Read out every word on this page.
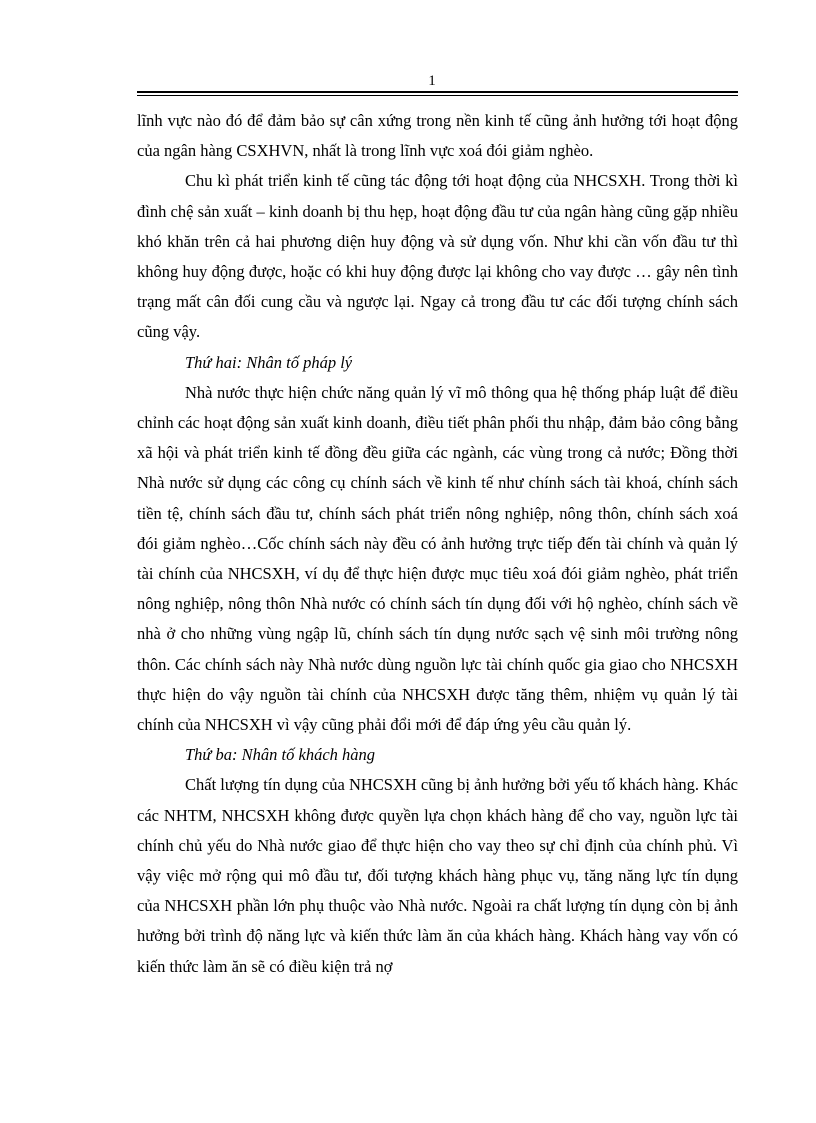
1

lĩnh vực nào đó để đảm bảo sự cân xứng trong nền kinh tế cũng ảnh hưởng tới hoạt động của ngân hàng CSXHVN, nhất là trong lĩnh vực xoá đói giảm nghèo.

Chu kì phát triển kinh tế cũng tác động tới hoạt động của NHCSXH. Trong thời kì đình chệ sản xuất – kinh doanh bị thu hẹp, hoạt động đầu tư của ngân hàng cũng gặp nhiều khó khăn trên cả hai phương diện huy động và sử dụng vốn. Như khi cần vốn đầu tư thì không huy động được, hoặc có khi huy động được lại không cho vay được … gây nên tình trạng mất cân đối cung cầu và ngược lại. Ngay cả trong đầu tư các đối tượng chính sách cũng vậy.

Thứ hai: Nhân tố pháp lý

Nhà nước thực hiện chức năng quản lý vĩ mô thông qua hệ thống pháp luật để điều chỉnh các hoạt động sản xuất kinh doanh, điều tiết phân phối thu nhập, đảm bảo công bằng xã hội và phát triển kinh tế đồng đều giữa các ngành, các vùng trong cả nước; Đồng thời Nhà nước sử dụng các công cụ chính sách về kinh tế như chính sách tài khoá, chính sách tiền tệ, chính sách đầu tư, chính sách phát triển nông nghiệp, nông thôn, chính sách xoá đói giảm nghèo…Cốc chính sách này đều có ảnh hưởng trực tiếp đến tài chính và quản lý tài chính của NHCSXH, ví dụ để thực hiện được mục tiêu xoá đói giảm nghèo, phát triển nông nghiệp, nông thôn Nhà nước có chính sách tín dụng đối với hộ nghèo, chính sách về nhà ở cho những vùng ngập lũ, chính sách tín dụng nước sạch vệ sinh môi trường nông thôn. Các chính sách này Nhà nước dùng nguồn lực tài chính quốc gia giao cho NHCSXH thực hiện do vậy nguồn tài chính của NHCSXH được tăng thêm, nhiệm vụ quản lý tài chính của NHCSXH vì vậy cũng phải đổi mới để đáp ứng yêu cầu quản lý.

Thứ ba: Nhân tố khách hàng

Chất lượng tín dụng của NHCSXH cũng bị ảnh hưởng bởi yếu tố khách hàng. Khác các NHTM, NHCSXH không được quyền lựa chọn khách hàng để cho vay, nguồn lực tài chính chủ yếu do Nhà nước giao để thực hiện cho vay theo sự chỉ định của chính phủ. Vì vậy việc mở rộng qui mô đầu tư, đối tượng khách hàng phục vụ, tăng năng lực tín dụng của NHCSXH phần lớn phụ thuộc vào Nhà nước. Ngoài ra chất lượng tín dụng còn bị ảnh hưởng bởi trình độ năng lực và kiến thức làm ăn của khách hàng. Khách hàng vay vốn có kiến thức làm ăn sẽ có điều kiện trả nợ
